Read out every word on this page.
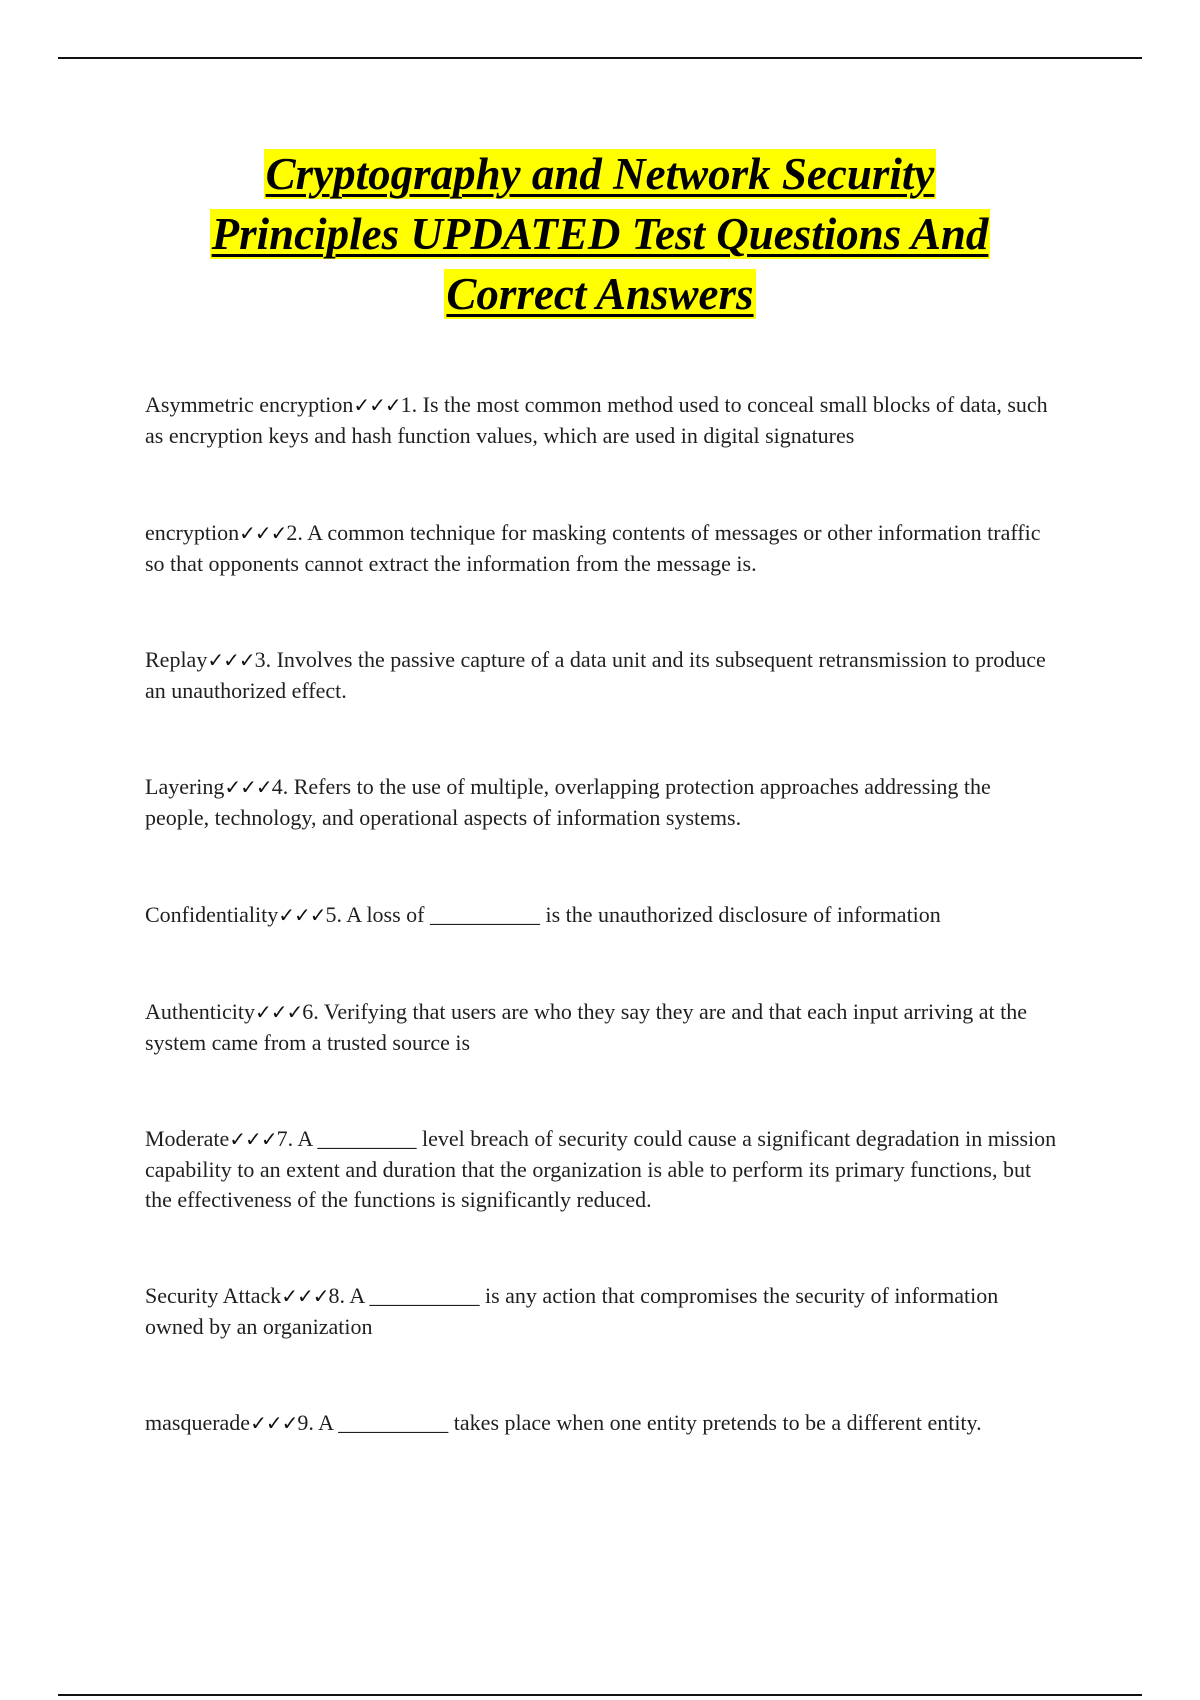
Cryptography and Network Security
Principles UPDATED Test Questions And
Correct Answers
Asymmetric encryption✓✓✓1. Is the most common method used to conceal small blocks of data, such as encryption keys and hash function values, which are used in digital signatures
encryption✓✓✓2. A common technique for masking contents of messages or other information traffic so that opponents cannot extract the information from the message is.
Replay✓✓✓3. Involves the passive capture of a data unit and its subsequent retransmission to produce an unauthorized effect.
Layering✓✓✓4. Refers to the use of multiple, overlapping protection approaches addressing the people, technology, and operational aspects of information systems.
Confidentiality✓✓✓5. A loss of __________ is the unauthorized disclosure of information
Authenticity✓✓✓6. Verifying that users are who they say they are and that each input arriving at the system came from a trusted source is
Moderate✓✓✓7. A _________ level breach of security could cause a significant degradation in mission capability to an extent and duration that the organization is able to perform its primary functions, but the effectiveness of the functions is significantly reduced.
Security Attack✓✓✓8. A __________ is any action that compromises the security of information owned by an organization
masquerade✓✓✓9. A __________ takes place when one entity pretends to be a different entity.
